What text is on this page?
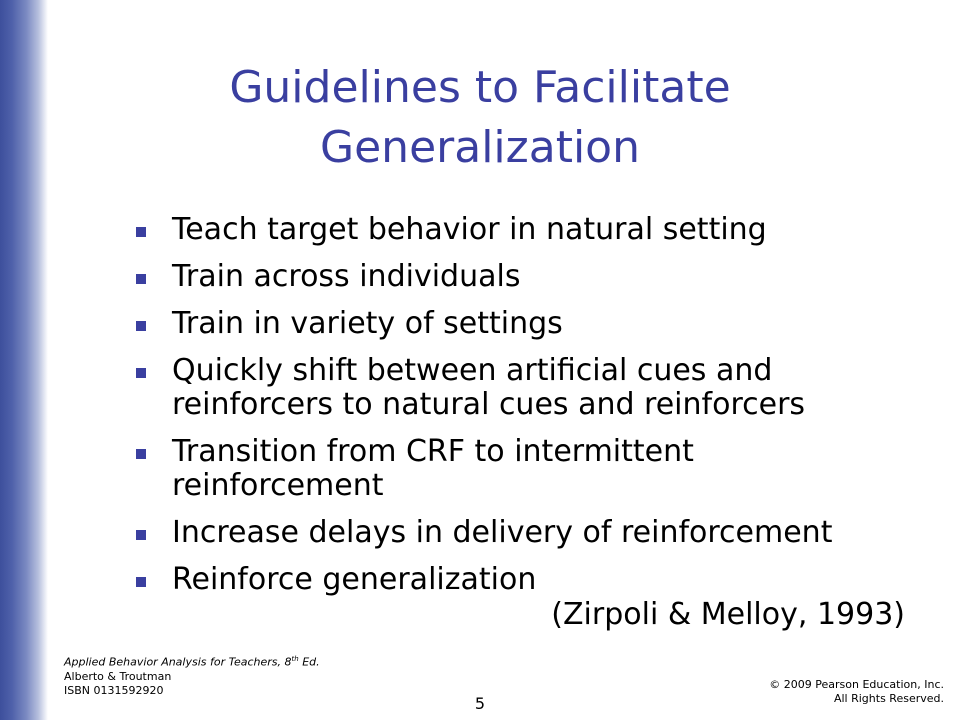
Guidelines to Facilitate
Generalization
Teach target behavior in natural setting
Train across individuals
Train in variety of settings
Quickly shift between artificial cues and
reinforcers to natural cues and reinforcers
Transition from CRF to intermittent
reinforcement
Increase delays in delivery of reinforcement
Reinforce generalization
(Zirpoli & Melloy, 1993)
Applied Behavior Analysis for Teachers, 8th Ed.
Alberto & Troutman
ISBN 0131592920
5
© 2009 Pearson Education, Inc.
All Rights Reserved.
